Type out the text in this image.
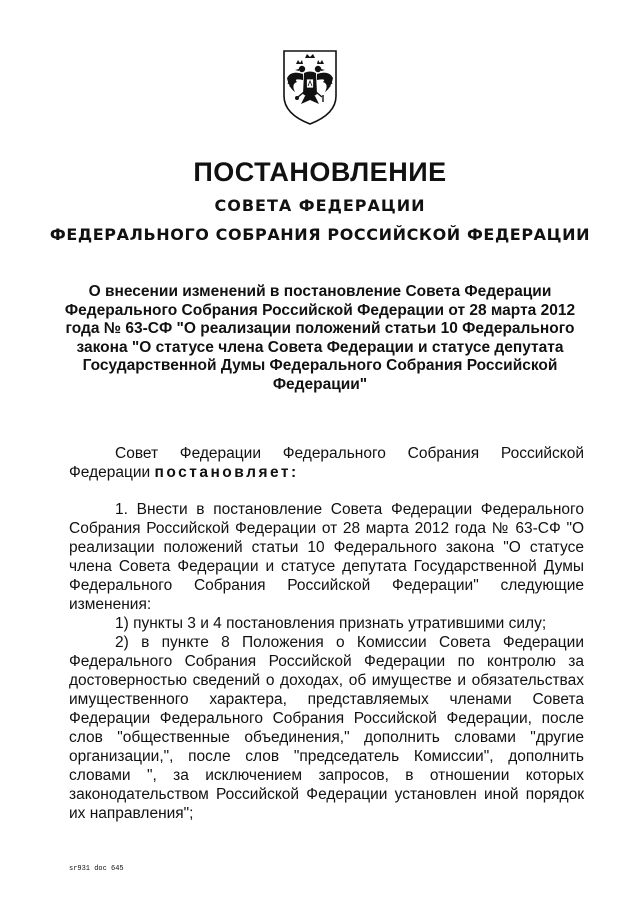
ПОСТАНОВЛЕНИЕ
СОВЕТА ФЕДЕРАЦИИ
ФЕДЕРАЛЬНОГО СОБРАНИЯ РОССИЙСКОЙ ФЕДЕРАЦИИ
О внесении изменений в постановление Совета Федерации Федерального Собрания Российской Федерации от 28 марта 2012 года № 63-СФ "О реализации положений статьи 10 Федерального закона "О статусе члена Совета Федерации и статусе депутата Государственной Думы Федерального Собрания Российской Федерации"

Совет Федерации Федерального Собрания Российской Федерации постановляет:

1. Внести в постановление Совета Федерации Федерального Собрания Российской Федерации от 28 марта 2012 года № 63-СФ "О реализации положений статьи 10 Федерального закона "О статусе члена Совета Федерации и статусе депутата Государственной Думы Федерального Собрания Российской Федерации" следующие изменения:

1) пункты 3 и 4 постановления признать утратившими силу;

2) в пункте 8 Положения о Комиссии Совета Федерации Федерального Собрания Российской Федерации по контролю за достоверностью сведений о доходах, об имуществе и обязательствах имущественного характера, представляемых членами Совета Федерации Федерального Собрания Российской Федерации, после слов "общественные объединения," дополнить словами "другие организации,", после слов "председатель Комиссии", дополнить словами ", за исключением запросов, в отношении которых законодательством Российской Федерации установлен иной порядок их направления";

sr931 doc 645
